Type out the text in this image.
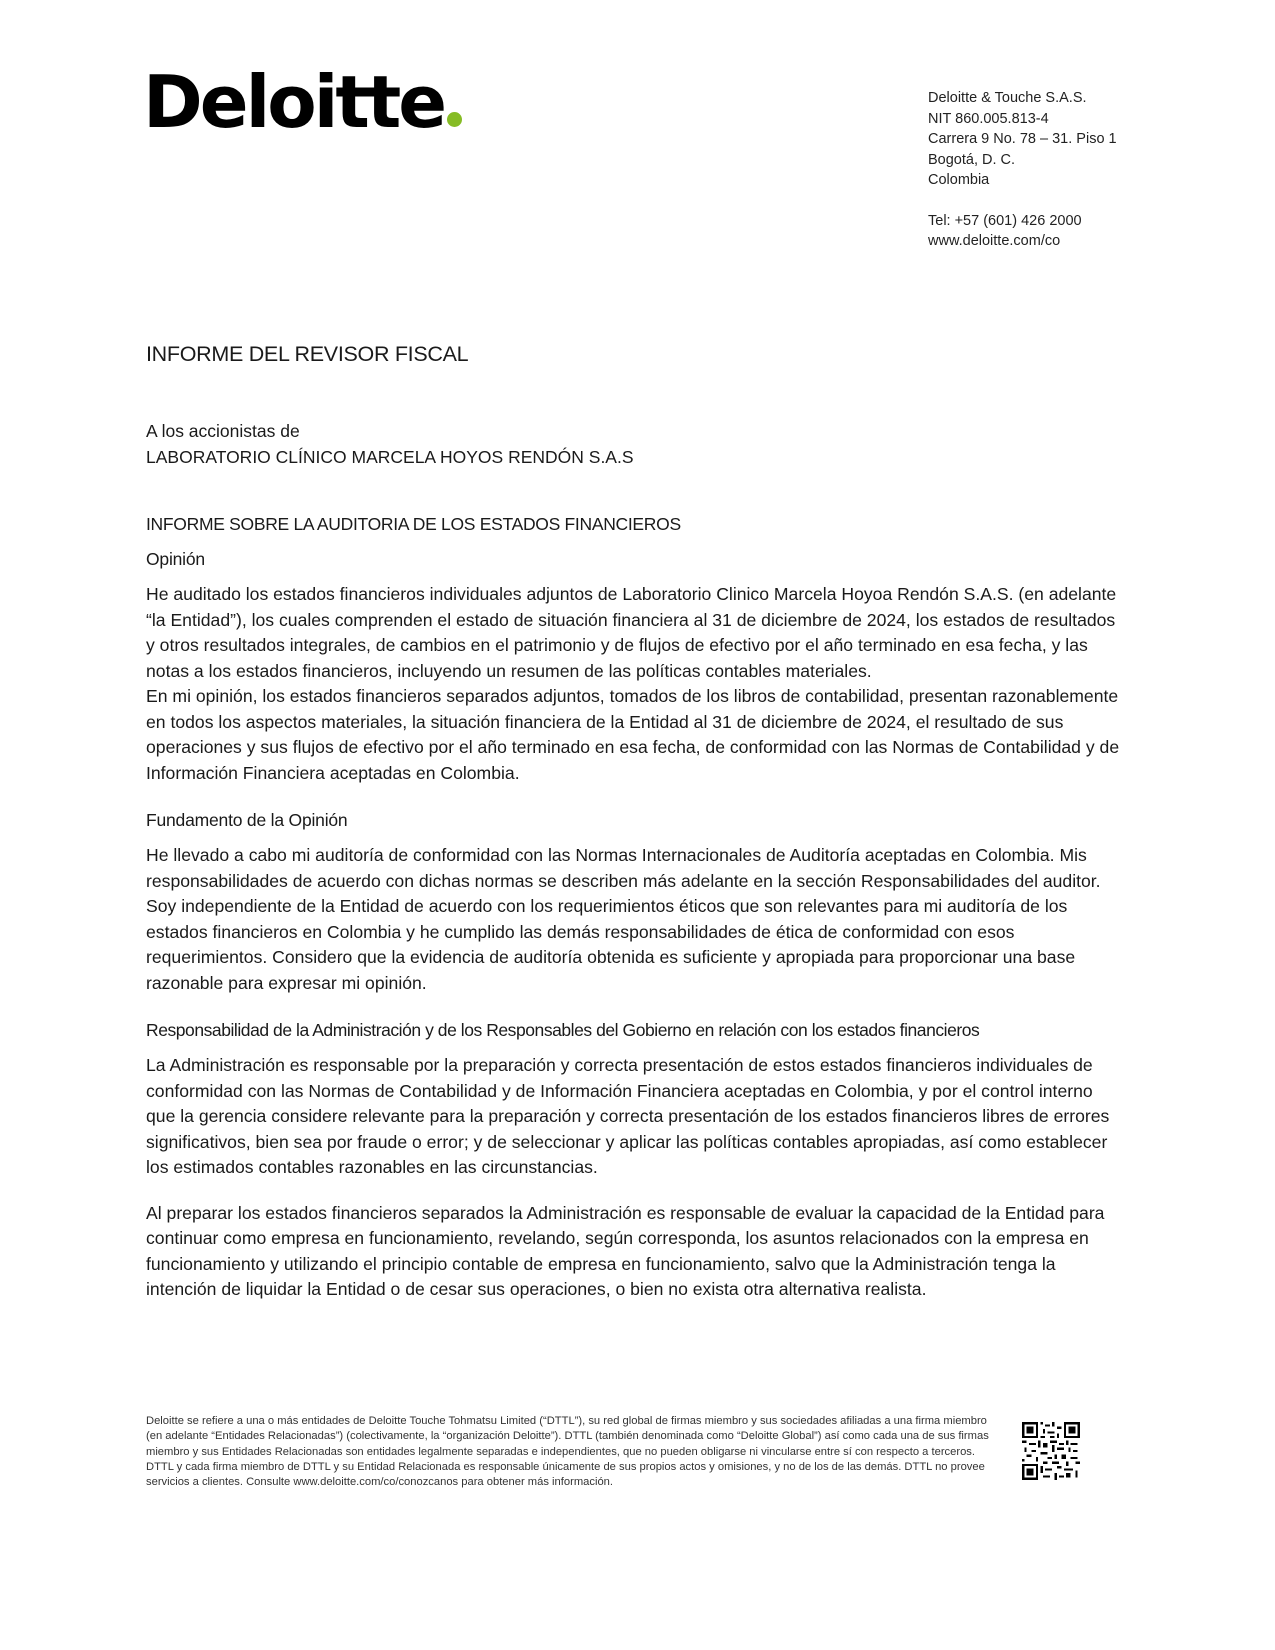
Deloitte	Deloitte & Touche S.A.S.
NIT 860.005.813-4
Carrera 9 No. 78 – 31. Piso 1
Bogotá, D. C.
Colombia
Tel: +57 (601) 426 2000
www.deloitte.com/co
INFORME DEL REVISOR FISCAL
A los accionistas de
LABORATORIO CLÍNICO MARCELA HOYOS RENDÓN S.A.S
INFORME SOBRE LA AUDITORIA DE LOS ESTADOS FINANCIEROS
Opinión

He auditado los estados financieros individuales adjuntos de Laboratorio Clinico Marcela Hoyoa Rendón S.A.S. (en adelante “la Entidad”), los cuales comprenden el estado de situación financiera al 31 de diciembre de 2024, los estados de resultados y otros resultados integrales, de cambios en el patrimonio y de flujos de efectivo por el año terminado en esa fecha, y las notas a los estados financieros, incluyendo un resumen de las políticas contables materiales.

En mi opinión, los estados financieros separados adjuntos, tomados de los libros de contabilidad, presentan razonablemente en todos los aspectos materiales, la situación financiera de la Entidad al 31 de diciembre de 2024, el resultado de sus operaciones y sus flujos de efectivo por el año terminado en esa fecha, de conformidad con las Normas de Contabilidad y de Información Financiera aceptadas en Colombia.

Fundamento de la Opinión

He llevado a cabo mi auditoría de conformidad con las Normas Internacionales de Auditoría aceptadas en Colombia. Mis responsabilidades de acuerdo con dichas normas se describen más adelante en la sección Responsabilidades del auditor. Soy independiente de la Entidad de acuerdo con los requerimientos éticos que son relevantes para mi auditoría de los estados financieros en Colombia y he cumplido las demás responsabilidades de ética de conformidad con esos requerimientos. Considero que la evidencia de auditoría obtenida es suficiente y apropiada para proporcionar una base razonable para expresar mi opinión.

Responsabilidad de la Administración y de los Responsables del Gobierno en relación con los estados financieros

La Administración es responsable por la preparación y correcta presentación de estos estados financieros individuales de conformidad con las Normas de Contabilidad y de Información Financiera aceptadas en Colombia, y por el control interno que la gerencia considere relevante para la preparación y correcta presentación de los estados financieros libres de errores significativos, bien sea por fraude o error; y de seleccionar y aplicar las políticas contables apropiadas, así como establecer los estimados contables razonables en las circunstancias.

Al preparar los estados financieros separados la Administración es responsable de evaluar la capacidad de la Entidad para continuar como empresa en funcionamiento, revelando, según corresponda, los asuntos relacionados con la empresa en funcionamiento y utilizando el principio contable de empresa en funcionamiento, salvo que la Administración tenga la intención de liquidar la Entidad o de cesar sus operaciones, o bien no exista otra alternativa realista.

Deloitte se refiere a una o más entidades de Deloitte Touche Tohmatsu Limited (“DTTL”), su red global de firmas miembro y sus sociedades afiliadas a una firma miembro (en adelante “Entidades Relacionadas”) (colectivamente, la “organización Deloitte”). DTTL (también denominada como “Deloitte Global”) así como cada una de sus firmas miembro y sus Entidades Relacionadas son entidades legalmente separadas e independientes, que no pueden obligarse ni vincularse entre sí con respecto a terceros. DTTL y cada firma miembro de DTTL y su Entidad Relacionada es responsable únicamente de sus propios actos y omisiones, y no de los de las demás. DTTL no provee servicios a clientes. Consulte www.deloitte.com/co/conozcanos para obtener más información.
